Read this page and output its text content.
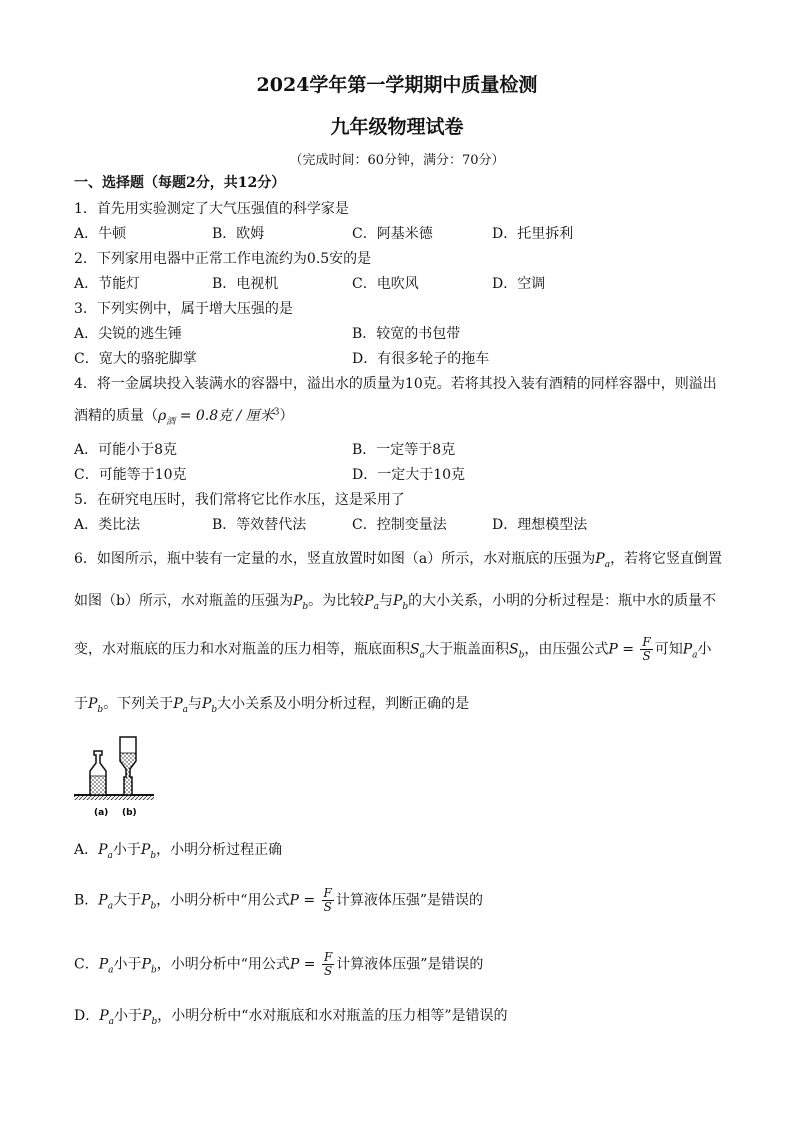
2024学年第一学期期中质量检测
九年级物理试卷
（完成时间：60分钟，满分：70分）
一、选择题（每题2分，共12分）
1．首先用实验测定了大气压强值的科学家是
A．牛顿	B．欧姆	C．阿基米德	D．托里拆利
2．下列家用电器中正常工作电流约为0.5安的是
A．节能灯	B．电视机	C．电吹风	D．空调
3．下列实例中，属于增大压强的是
A．尖锐的逃生锤	B．较宽的书包带
C．宽大的骆驼脚掌	D．有很多轮子的拖车
4．将一金属块投入装满水的容器中，溢出水的质量为10克。若将其投入装有酒精的同样容器中，则溢出
酒精的质量（$\rho_酒 = 0.8$克 / 厘米$^3$）
A．可能小于8克	B．一定等于8克
C．可能等于10克	D．一定大于10克
5．在研究电压时，我们常将它比作水压，这是采用了
A．类比法	B．等效替代法	C．控制变量法	D．理想模型法
6．如图所示，瓶中装有一定量的水，竖直放置时如图（a）所示，水对瓶底的压强为$P_a$，若将它竖直倒置
如图（b）所示，水对瓶盖的压强为$P_b$。为比较$P_a$与$P_b$的大小关系，小明的分析过程是：瓶中水的质量不
变，水对瓶底的压力和水对瓶盖的压力相等，瓶底面积$S_a$大于瓶盖面积$S_b$，由压强公式$P = \frac{F}{S}$ 可知$P_a$小
于$P_b$。下列关于$P_a$与$P_b$大小关系及小明分析过程，判断正确的是
(a) (b)
A．$P_a$小于$P_b$，小明分析过程正确
B．$P_a$大于$P_b$，小明分析中“用公式$P = \frac{F}{S}$ 计算液体压强”是错误的
C．$P_a$小于$P_b$，小明分析中“用公式$P = \frac{F}{S}$ 计算液体压强”是错误的
D．$P_a$小于$P_b$，小明分析中“水对瓶底和水对瓶盖的压力相等”是错误的
